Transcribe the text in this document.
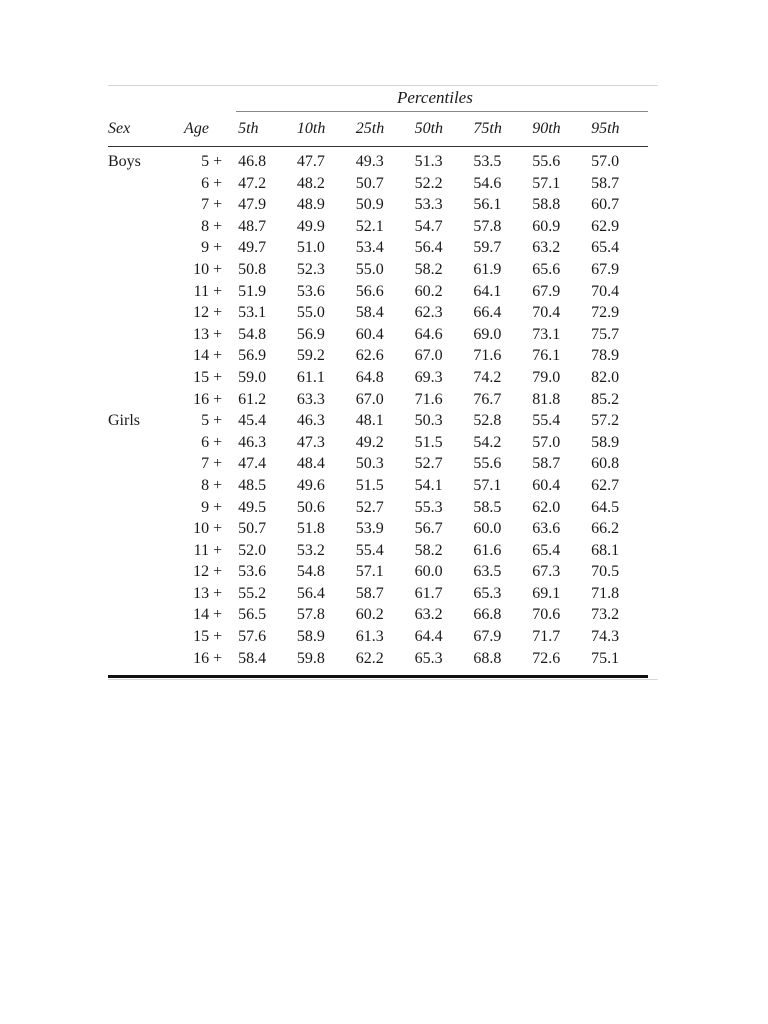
Percentiles
Sex	Age	5th	10th	25th	50th	75th	90th	95th

Boys	5 +	46.8	47.7	49.3	51.3	53.5	55.6	57.0
	6 +	47.2	48.2	50.7	52.2	54.6	57.1	58.7
	7 +	47.9	48.9	50.9	53.3	56.1	58.8	60.7
	8 +	48.7	49.9	52.1	54.7	57.8	60.9	62.9
	9 +	49.7	51.0	53.4	56.4	59.7	63.2	65.4
	10 +	50.8	52.3	55.0	58.2	61.9	65.6	67.9
	11 +	51.9	53.6	56.6	60.2	64.1	67.9	70.4
	12 +	53.1	55.0	58.4	62.3	66.4	70.4	72.9
	13 +	54.8	56.9	60.4	64.6	69.0	73.1	75.7
	14 +	56.9	59.2	62.6	67.0	71.6	76.1	78.9
	15 +	59.0	61.1	64.8	69.3	74.2	79.0	82.0
	16 +	61.2	63.3	67.0	71.6	76.7	81.8	85.2
Girls	5 +	45.4	46.3	48.1	50.3	52.8	55.4	57.2
	6 +	46.3	47.3	49.2	51.5	54.2	57.0	58.9
	7 +	47.4	48.4	50.3	52.7	55.6	58.7	60.8
	8 +	48.5	49.6	51.5	54.1	57.1	60.4	62.7
	9 +	49.5	50.6	52.7	55.3	58.5	62.0	64.5
	10 +	50.7	51.8	53.9	56.7	60.0	63.6	66.2
	11 +	52.0	53.2	55.4	58.2	61.6	65.4	68.1
	12 +	53.6	54.8	57.1	60.0	63.5	67.3	70.5
	13 +	55.2	56.4	58.7	61.7	65.3	69.1	71.8
	14 +	56.5	57.8	60.2	63.2	66.8	70.6	73.2
	15 +	57.6	58.9	61.3	64.4	67.9	71.7	74.3
	16 +	58.4	59.8	62.2	65.3	68.8	72.6	75.1
